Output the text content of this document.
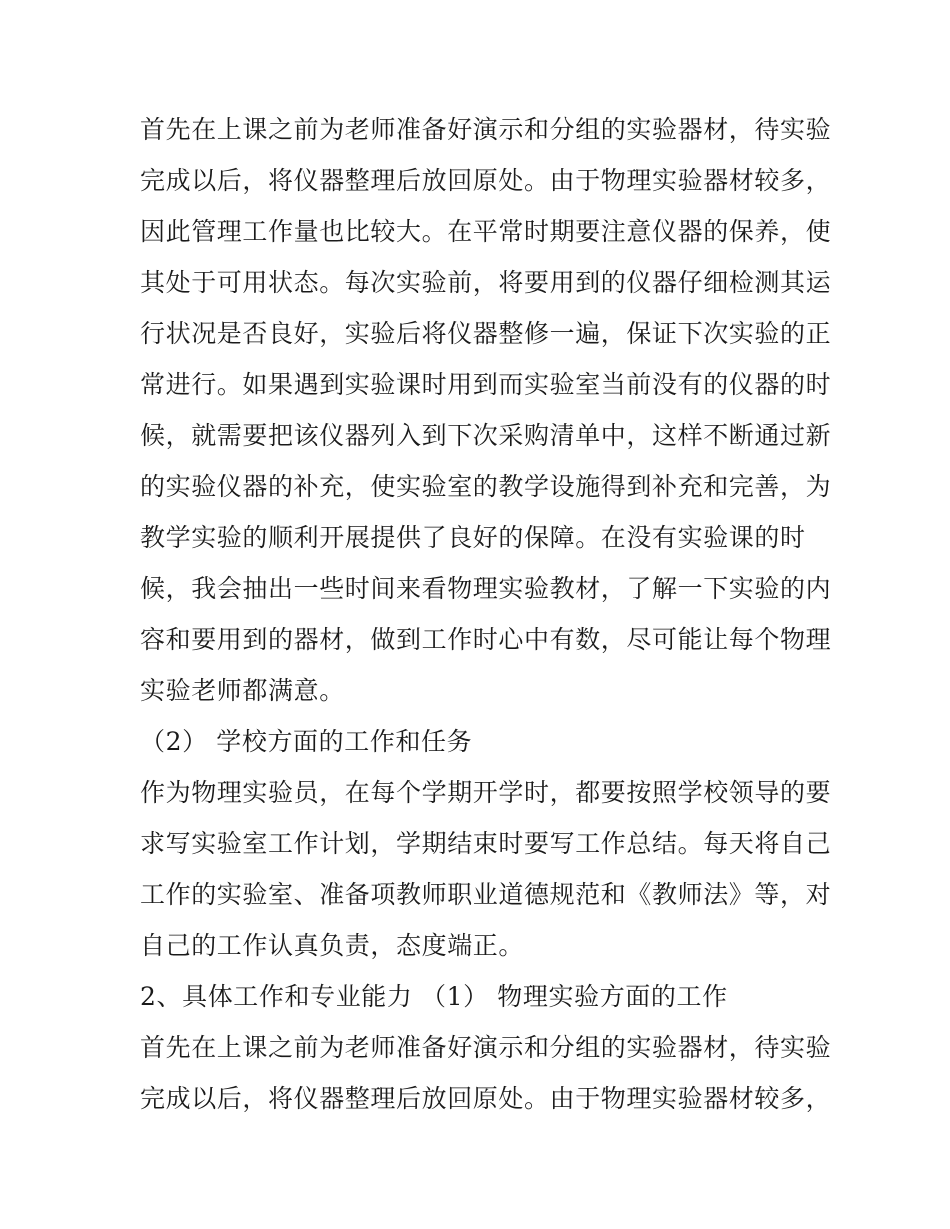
首先在上课之前为老师准备好演示和分组的实验器材，待实验
完成以后，将仪器整理后放回原处。由于物理实验器材较多，
因此管理工作量也比较大。在平常时期要注意仪器的保养，使
其处于可用状态。每次实验前，将要用到的仪器仔细检测其运
行状况是否良好，实验后将仪器整修一遍，保证下次实验的正
常进行。如果遇到实验课时用到而实验室当前没有的仪器的时
候，就需要把该仪器列入到下次采购清单中，这样不断通过新
的实验仪器的补充，使实验室的教学设施得到补充和完善，为
教学实验的顺利开展提供了良好的保障。在没有实验课的时
候，我会抽出一些时间来看物理实验教材，了解一下实验的内
容和要用到的器材，做到工作时心中有数，尽可能让每个物理
实验老师都满意。
（2） 学校方面的工作和任务
作为物理实验员，在每个学期开学时，都要按照学校领导的要
求写实验室工作计划，学期结束时要写工作总结。每天将自己
工作的实验室、准备项教师职业道德规范和《教师法》等，对
自己的工作认真负责，态度端正。
2、具体工作和专业能力 （1） 物理实验方面的工作
首先在上课之前为老师准备好演示和分组的实验器材，待实验
完成以后，将仪器整理后放回原处。由于物理实验器材较多，
